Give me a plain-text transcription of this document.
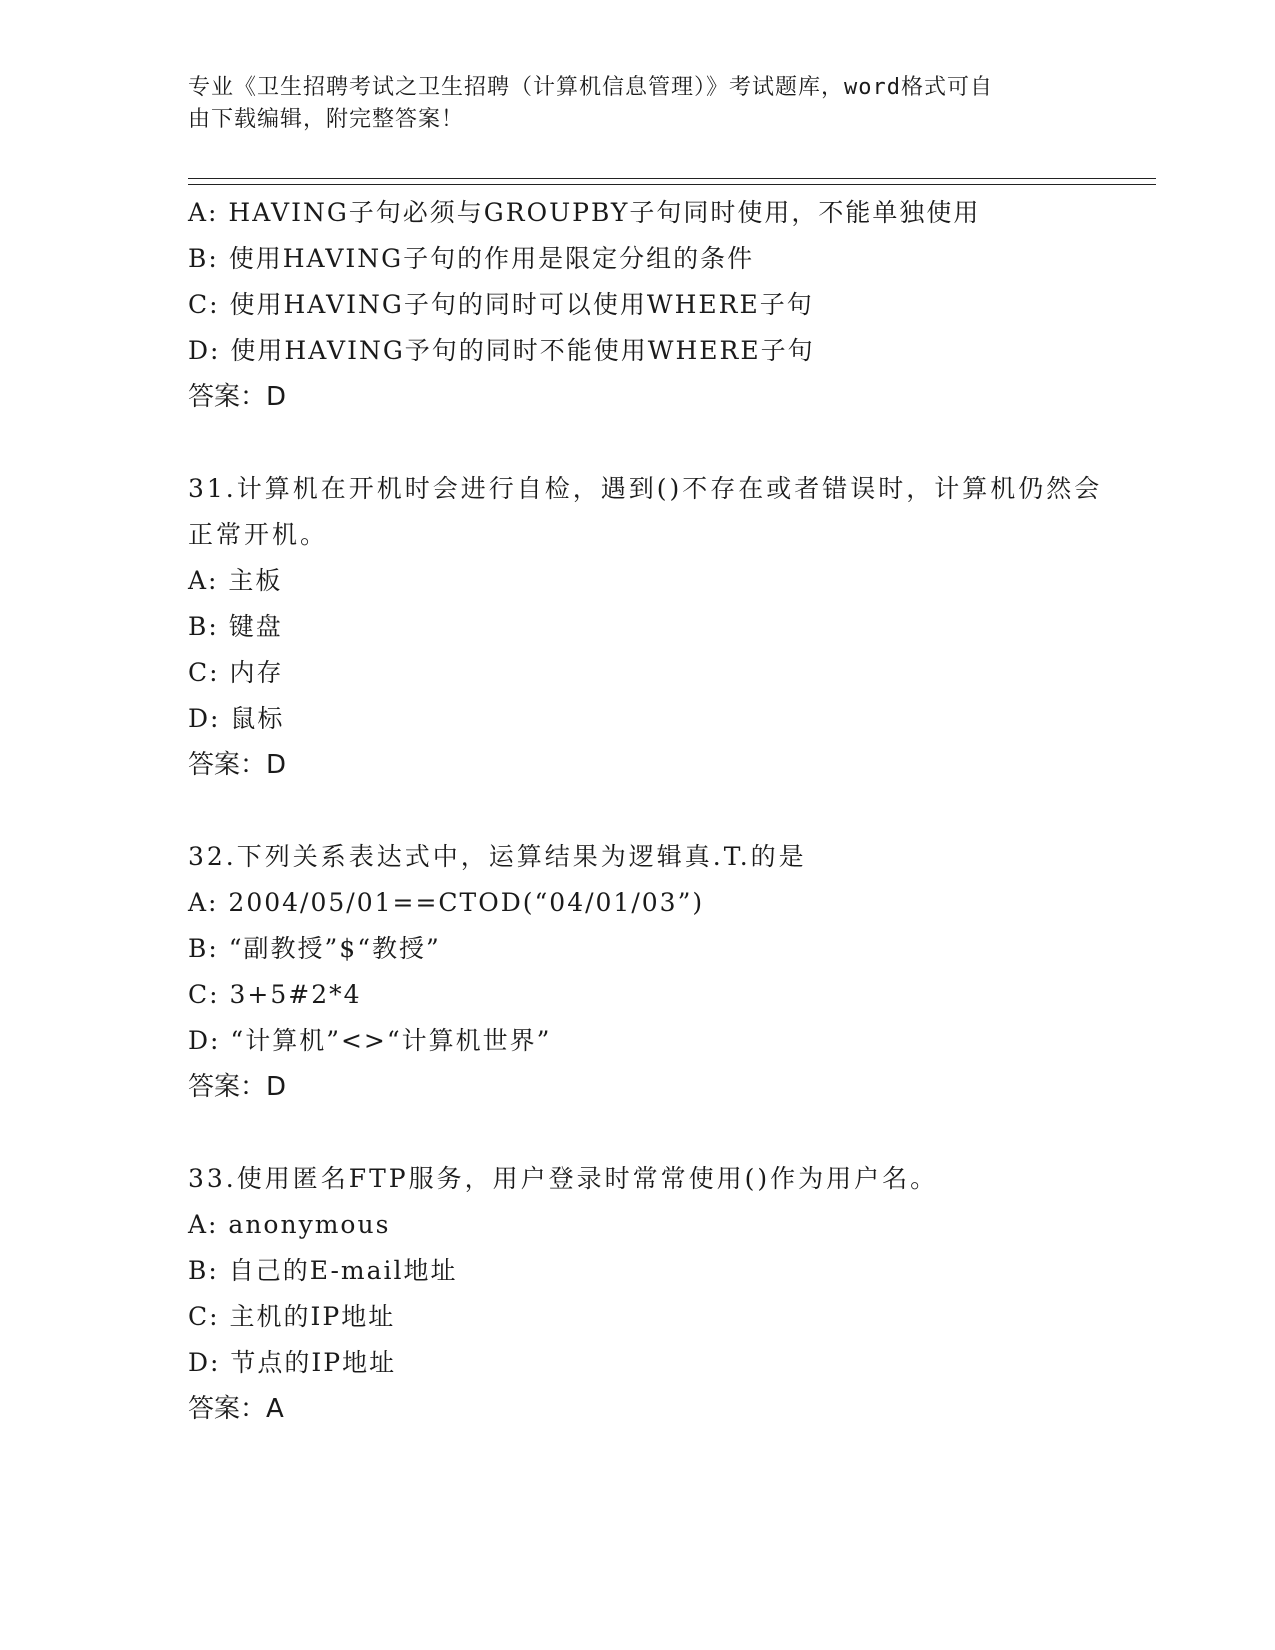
专业《卫生招聘考试之卫生招聘（计算机信息管理）》考试题库，word格式可自
由下载编辑，附完整答案！
A: HAVING子句必须与GROUPBY子句同时使用，不能单独使用
B: 使用HAVING子句的作用是限定分组的条件
C: 使用HAVING子句的同时可以使用WHERE子句
D: 使用HAVING予句的同时不能使用WHERE子句
答案：D
31.计算机在开机时会进行自检，遇到()不存在或者错误时，计算机仍然会正常开机。
A: 主板
B: 键盘
C: 内存
D: 鼠标
答案：D
32.下列关系表达式中，运算结果为逻辑真.T.的是
A: 2004/05/01==CTOD(“04/01/03”)
B: “副教授”$“教授”
C: 3+5#2*4
D: “计算机”<>“计算机世界”
答案：D
33.使用匿名FTP服务，用户登录时常常使用()作为用户名。
A: anonymous
B: 自己的E-mail地址
C: 主机的IP地址
D: 节点的IP地址
答案：A
